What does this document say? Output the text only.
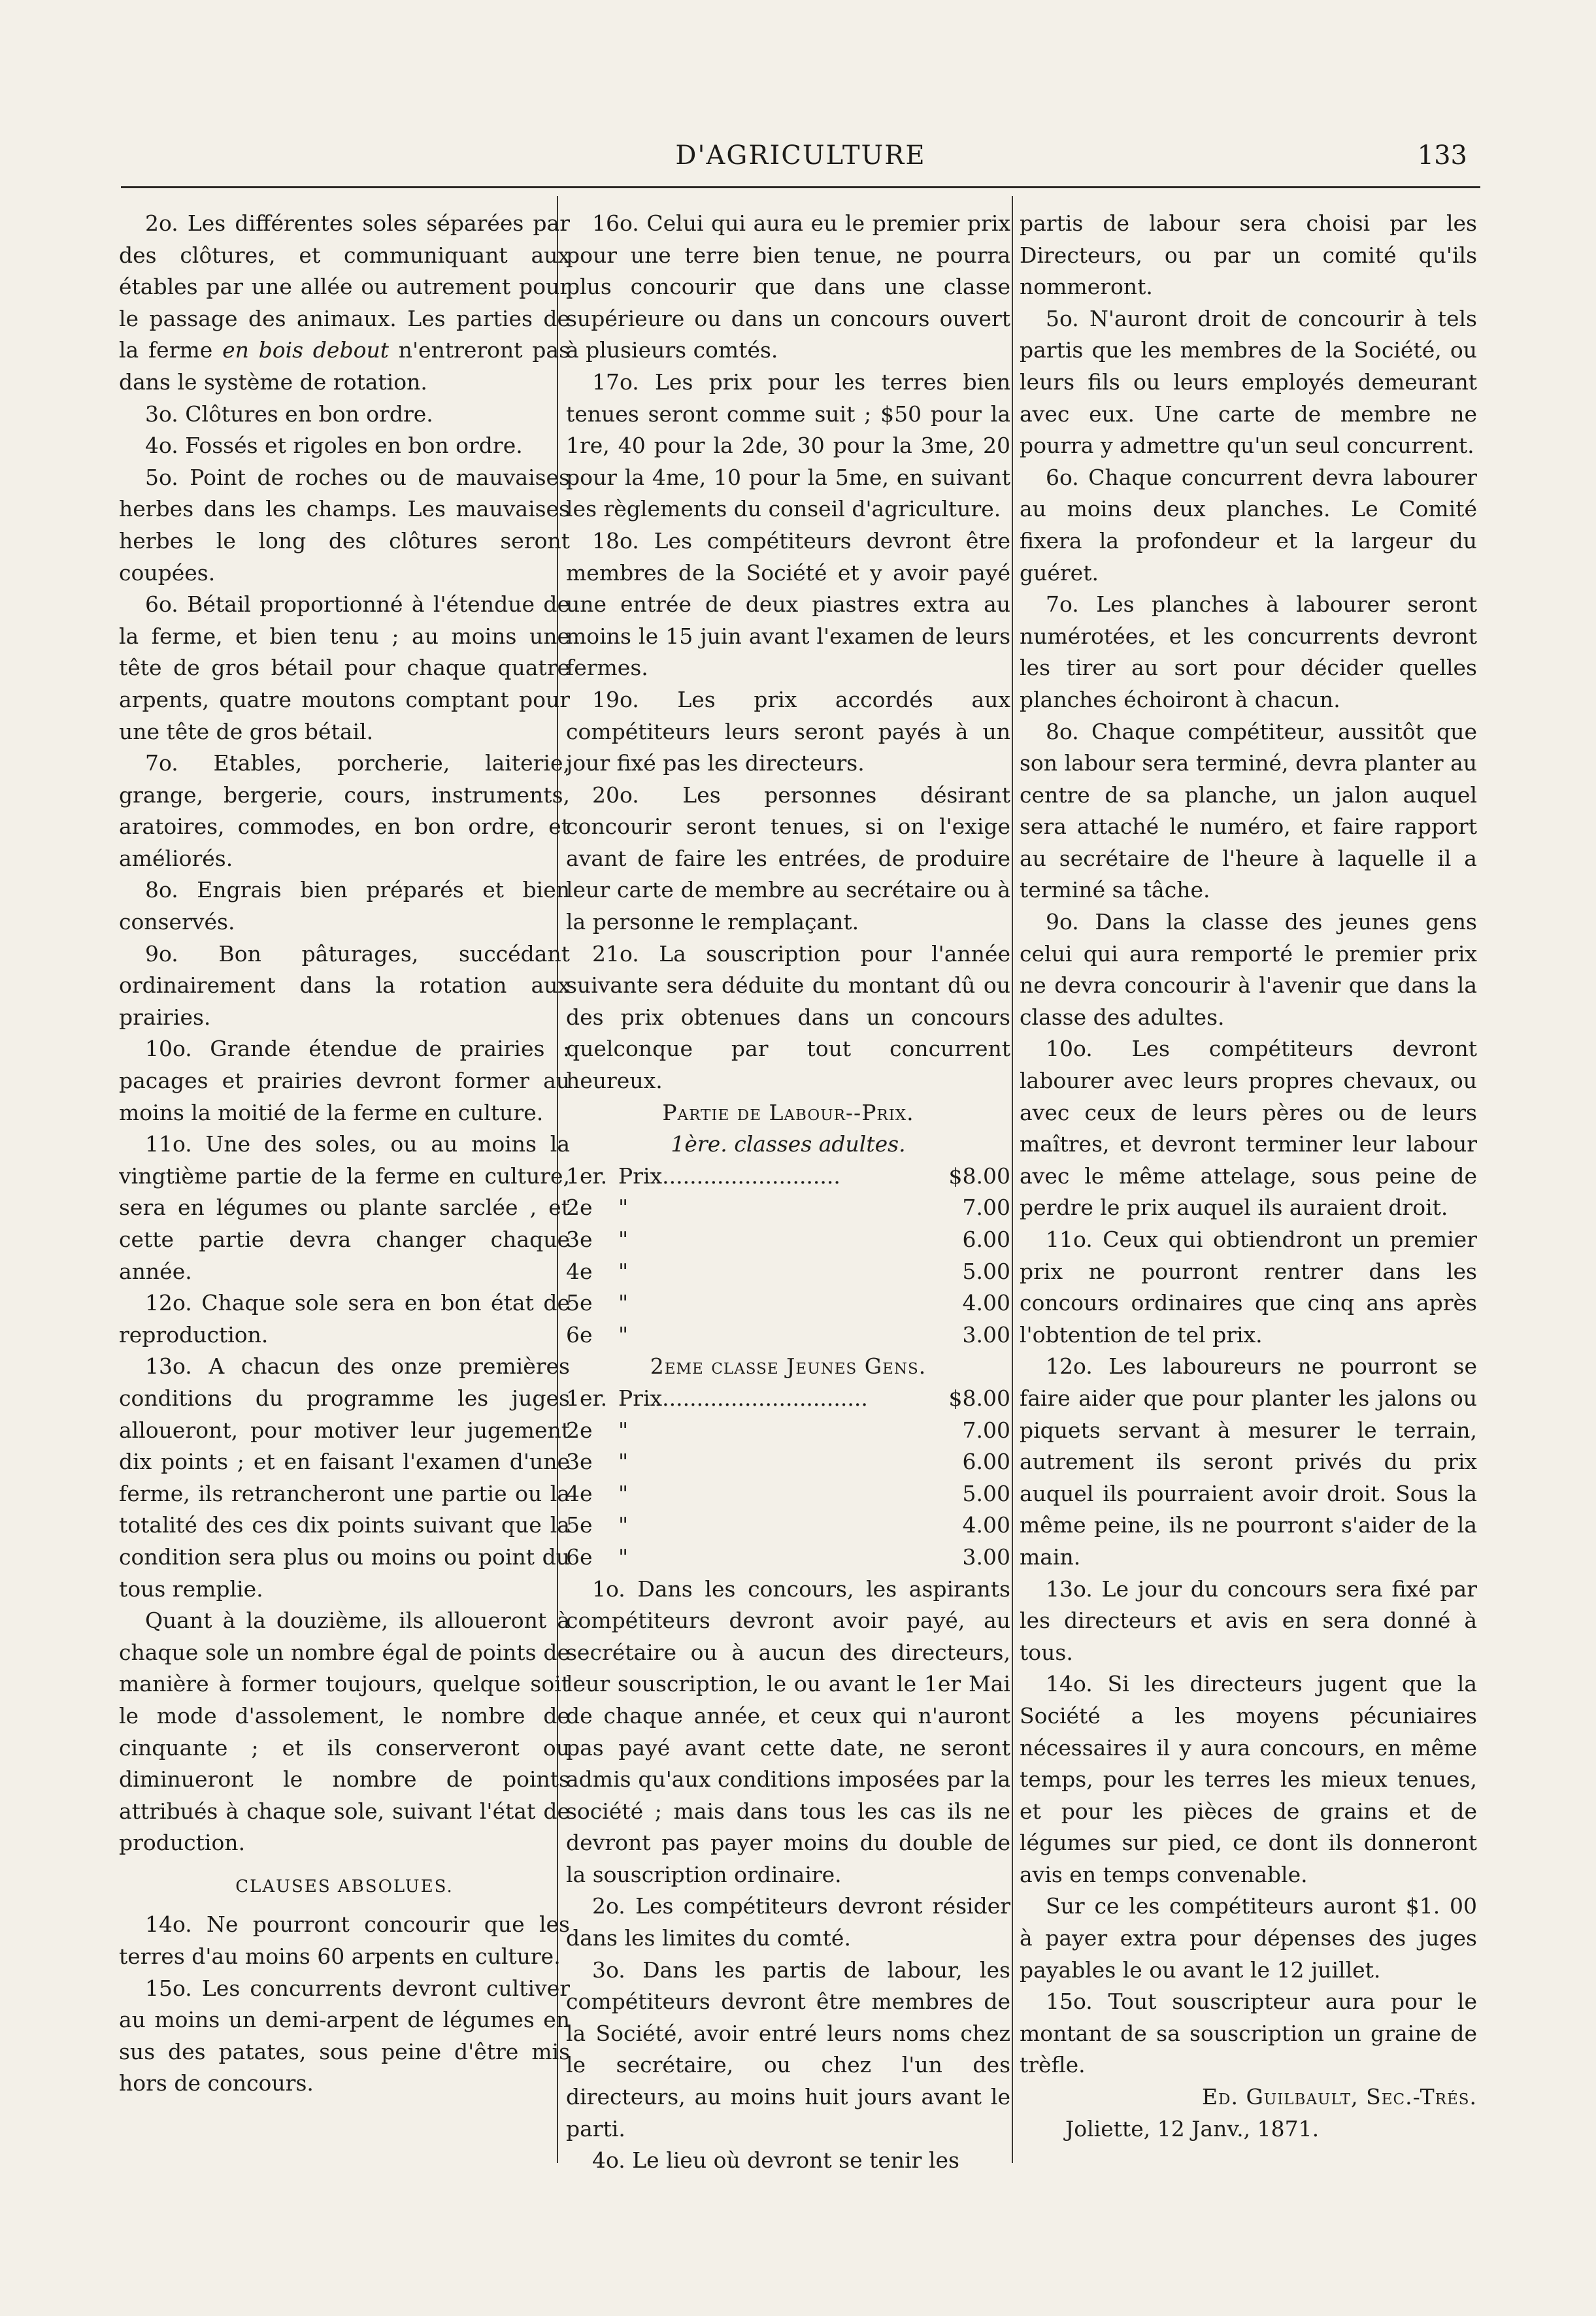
D'AGRICULTURE	133

2o. Les différentes soles séparées par des clôtures, et communiquant aux étables par une allée ou autrement pour le passage des animaux. Les parties de la ferme en bois debout n'entreront pas dans le système de rotation.

3o. Clôtures en bon ordre.

4o. Fossés et rigoles en bon ordre.

5o. Point de roches ou de mauvaises herbes dans les champs. Les mauvaises herbes le long des clôtures seront coupées.

6o. Bétail proportionné à l'étendue de la ferme, et bien tenu ; au moins une tête de gros bétail pour chaque quatre arpents, quatre moutons comptant pour une tête de gros bétail.

7o. Etables, porcherie, laiterie, grange, bergerie, cours, instruments, aratoires, commodes, en bon ordre, et améliorés.

8o. Engrais bien préparés et bien conservés.

9o. Bon pâturages, succédant ordinairement dans la rotation aux prairies.

10o. Grande étendue de prairies : pacages et prairies devront former au moins la moitié de la ferme en culture.

11o. Une des soles, ou au moins la vingtième partie de la ferme en culture, sera en légumes ou plante sarclée , et cette partie devra changer chaque année.

12o. Chaque sole sera en bon état de reproduction.

13o. A chacun des onze premières conditions du programme les juges alloueront, pour motiver leur jugement dix points ; et en faisant l'examen d'une ferme, ils retrancheront une partie ou la totalité des ces dix points suivant que la condition sera plus ou moins ou point du tous remplie.

Quant à la douzième, ils alloueront à chaque sole un nombre égal de points de manière à former toujours, quelque soit le mode d'assolement, le nombre de cinquante ; et ils conserveront ou diminueront le nombre de points attribués à chaque sole, suivant l'état de production.

CLAUSES ABSOLUES.

14o. Ne pourront concourir que les terres d'au moins 60 arpents en culture.

15o. Les concurrents devront cultiver au moins un demi-arpent de légumes en sus des patates, sous peine d'être mis hors de concours.

16o. Celui qui aura eu le premier prix pour une terre bien tenue, ne pourra plus concourir que dans une classe supérieure ou dans un concours ouvert à plusieurs comtés.

17o. Les prix pour les terres bien tenues seront comme suit ; $50 pour la 1re, 40 pour la 2de, 30 pour la 3me, 20 pour la 4me, 10 pour la 5me, en suivant les règlements du conseil d'agriculture.

18o. Les compétiteurs devront être membres de la Société et y avoir payé une entrée de deux piastres extra au moins le 15 juin avant l'examen de leurs fermes.

19o. Les prix accordés aux compétiteurs leurs seront payés à un jour fixé pas les directeurs.

20o. Les personnes désirant concourir seront tenues, si on l'exige avant de faire les entrées, de produire leur carte de membre au secrétaire ou à la personne le remplaçant.

21o. La souscription pour l'année suivante sera déduite du montant dû ou des prix obtenues dans un concours quelconque par tout concurrent heureux.

Partie de Labour--Prix.

1ère. classes adultes.

1er.	Prix..........................	$8.00
2e	"	7.00
3e	"	6.00
4e	"	5.00
5e	"	4.00
6e	"	3.00

2eme classe Jeunes Gens.

1er.	Prix..............................	$8.00
2e	"	7.00
3e	"	6.00
4e	"	5.00
5e	"	4.00
6e	"	3.00

1o. Dans les concours, les aspirants compétiteurs devront avoir payé, au secrétaire ou à aucun des directeurs, leur souscription, le ou avant le 1er Mai de chaque année, et ceux qui n'auront pas payé avant cette date, ne seront admis qu'aux conditions imposées par la société ; mais dans tous les cas ils ne devront pas payer moins du double de la souscription ordinaire.

2o. Les compétiteurs devront résider dans les limites du comté.

3o. Dans les partis de labour, les compétiteurs devront être membres de la Société, avoir entré leurs noms chez le secrétaire, ou chez l'un des directeurs, au moins huit jours avant le parti.

4o. Le lieu où devront se tenir les

partis de labour sera choisi par les Directeurs, ou par un comité qu'ils nommeront.

5o. N'auront droit de concourir à tels partis que les membres de la Société, ou leurs fils ou leurs employés demeurant avec eux. Une carte de membre ne pourra y admettre qu'un seul concurrent.

6o. Chaque concurrent devra labourer au moins deux planches. Le Comité fixera la profondeur et la largeur du guéret.

7o. Les planches à labourer seront numérotées, et les concurrents devront les tirer au sort pour décider quelles planches échoiront à chacun.

8o. Chaque compétiteur, aussitôt que son labour sera terminé, devra planter au centre de sa planche, un jalon auquel sera attaché le numéro, et faire rapport au secrétaire de l'heure à laquelle il a terminé sa tâche.

9o. Dans la classe des jeunes gens celui qui aura remporté le premier prix ne devra concourir à l'avenir que dans la classe des adultes.

10o. Les compétiteurs devront labourer avec leurs propres chevaux, ou avec ceux de leurs pères ou de leurs maîtres, et devront terminer leur labour avec le même attelage, sous peine de perdre le prix auquel ils auraient droit.

11o. Ceux qui obtiendront un premier prix ne pourront rentrer dans les concours ordinaires que cinq ans après l'obtention de tel prix.

12o. Les laboureurs ne pourront se faire aider que pour planter les jalons ou piquets servant à mesurer le terrain, autrement ils seront privés du prix auquel ils pourraient avoir droit. Sous la même peine, ils ne pourront s'aider de la main.

13o. Le jour du concours sera fixé par les directeurs et avis en sera donné à tous.

14o. Si les directeurs jugent que la Société a les moyens pécuniaires nécessaires il y aura concours, en même temps, pour les terres les mieux tenues, et pour les pièces de grains et de légumes sur pied, ce dont ils donneront avis en temps convenable.

Sur ce les compétiteurs auront $1. 00 à payer extra pour dépenses des juges payables le ou avant le 12 juillet.

15o. Tout souscripteur aura pour le montant de sa souscription un graine de trèfle.

Ed. Guilbault, Sec.-Trés.

Joliette, 12 Janv., 1871.
